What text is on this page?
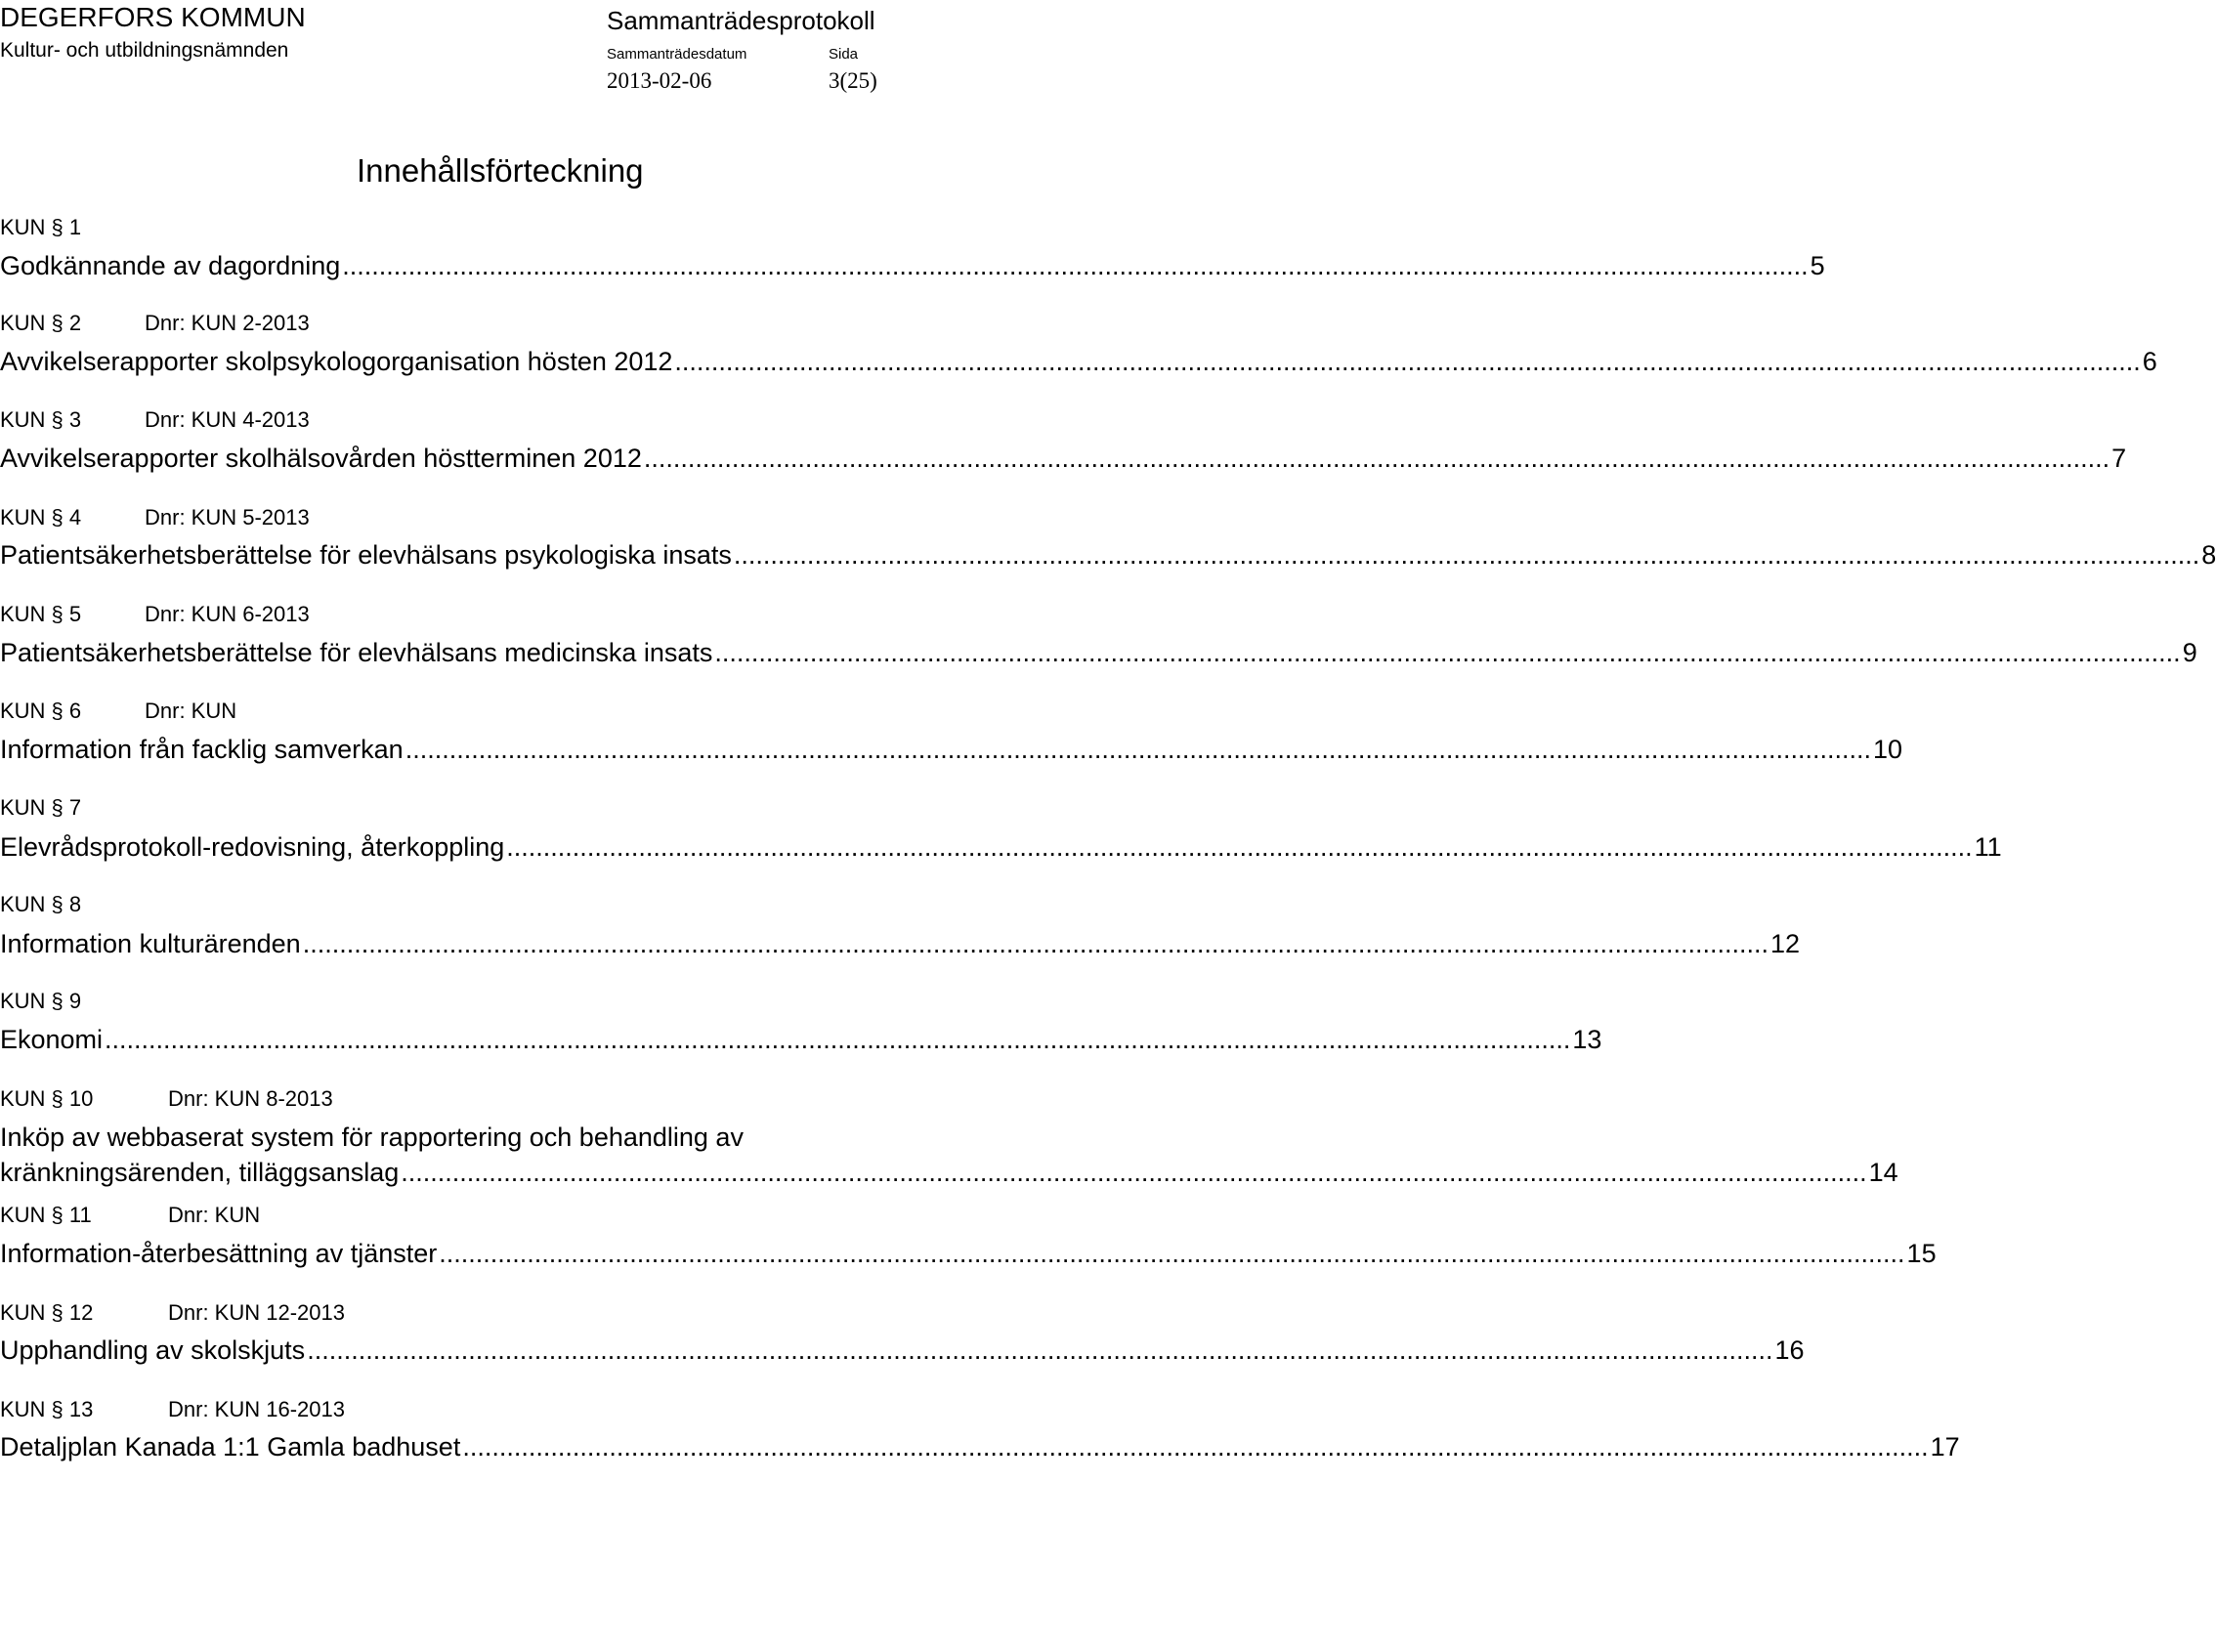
DEGERFORS KOMMUN
Kultur- och utbildningsnämnden
Sammanträdesprotokoll
Sammanträdesdatum	Sida
2013-02-06	3(25)
Innehållsförteckning
KUN § 1
Godkännande av dagordning ........................................................................................................................................................................................................ 5
KUN § 2	Dnr: KUN 2-2013
Avvikelserapporter skolpsykologorganisation hösten 2012 ........................................................................................................................................................................................................ 6
KUN § 3	Dnr: KUN 4-2013
Avvikelserapporter skolhälsovården höstterminen 2012 ........................................................................................................................................................................................................ 7
KUN § 4	Dnr: KUN 5-2013
Patientsäkerhetsberättelse för elevhälsans psykologiska insats ........................................................................................................................................................................................................ 8
KUN § 5	Dnr: KUN 6-2013
Patientsäkerhetsberättelse för elevhälsans medicinska insats ........................................................................................................................................................................................................ 9
KUN § 6	Dnr: KUN
Information från facklig samverkan ........................................................................................................................................................................................................ 10
KUN § 7
Elevrådsprotokoll-redovisning, återkoppling ........................................................................................................................................................................................................ 11
KUN § 8
Information kulturärenden ........................................................................................................................................................................................................ 12
KUN § 9
Ekonomi ........................................................................................................................................................................................................ 13
KUN § 10	Dnr: KUN 8-2013
Inköp av webbaserat system för rapportering och behandling av
kränkningsärenden, tilläggsanslag ........................................................................................................................................................................................................ 14
KUN § 11	Dnr: KUN
Information-återbesättning av tjänster ........................................................................................................................................................................................................ 15
KUN § 12	Dnr: KUN 12-2013
Upphandling av skolskjuts ........................................................................................................................................................................................................ 16
KUN § 13	Dnr: KUN 16-2013
Detaljplan Kanada 1:1 Gamla badhuset ........................................................................................................................................................................................................ 17
